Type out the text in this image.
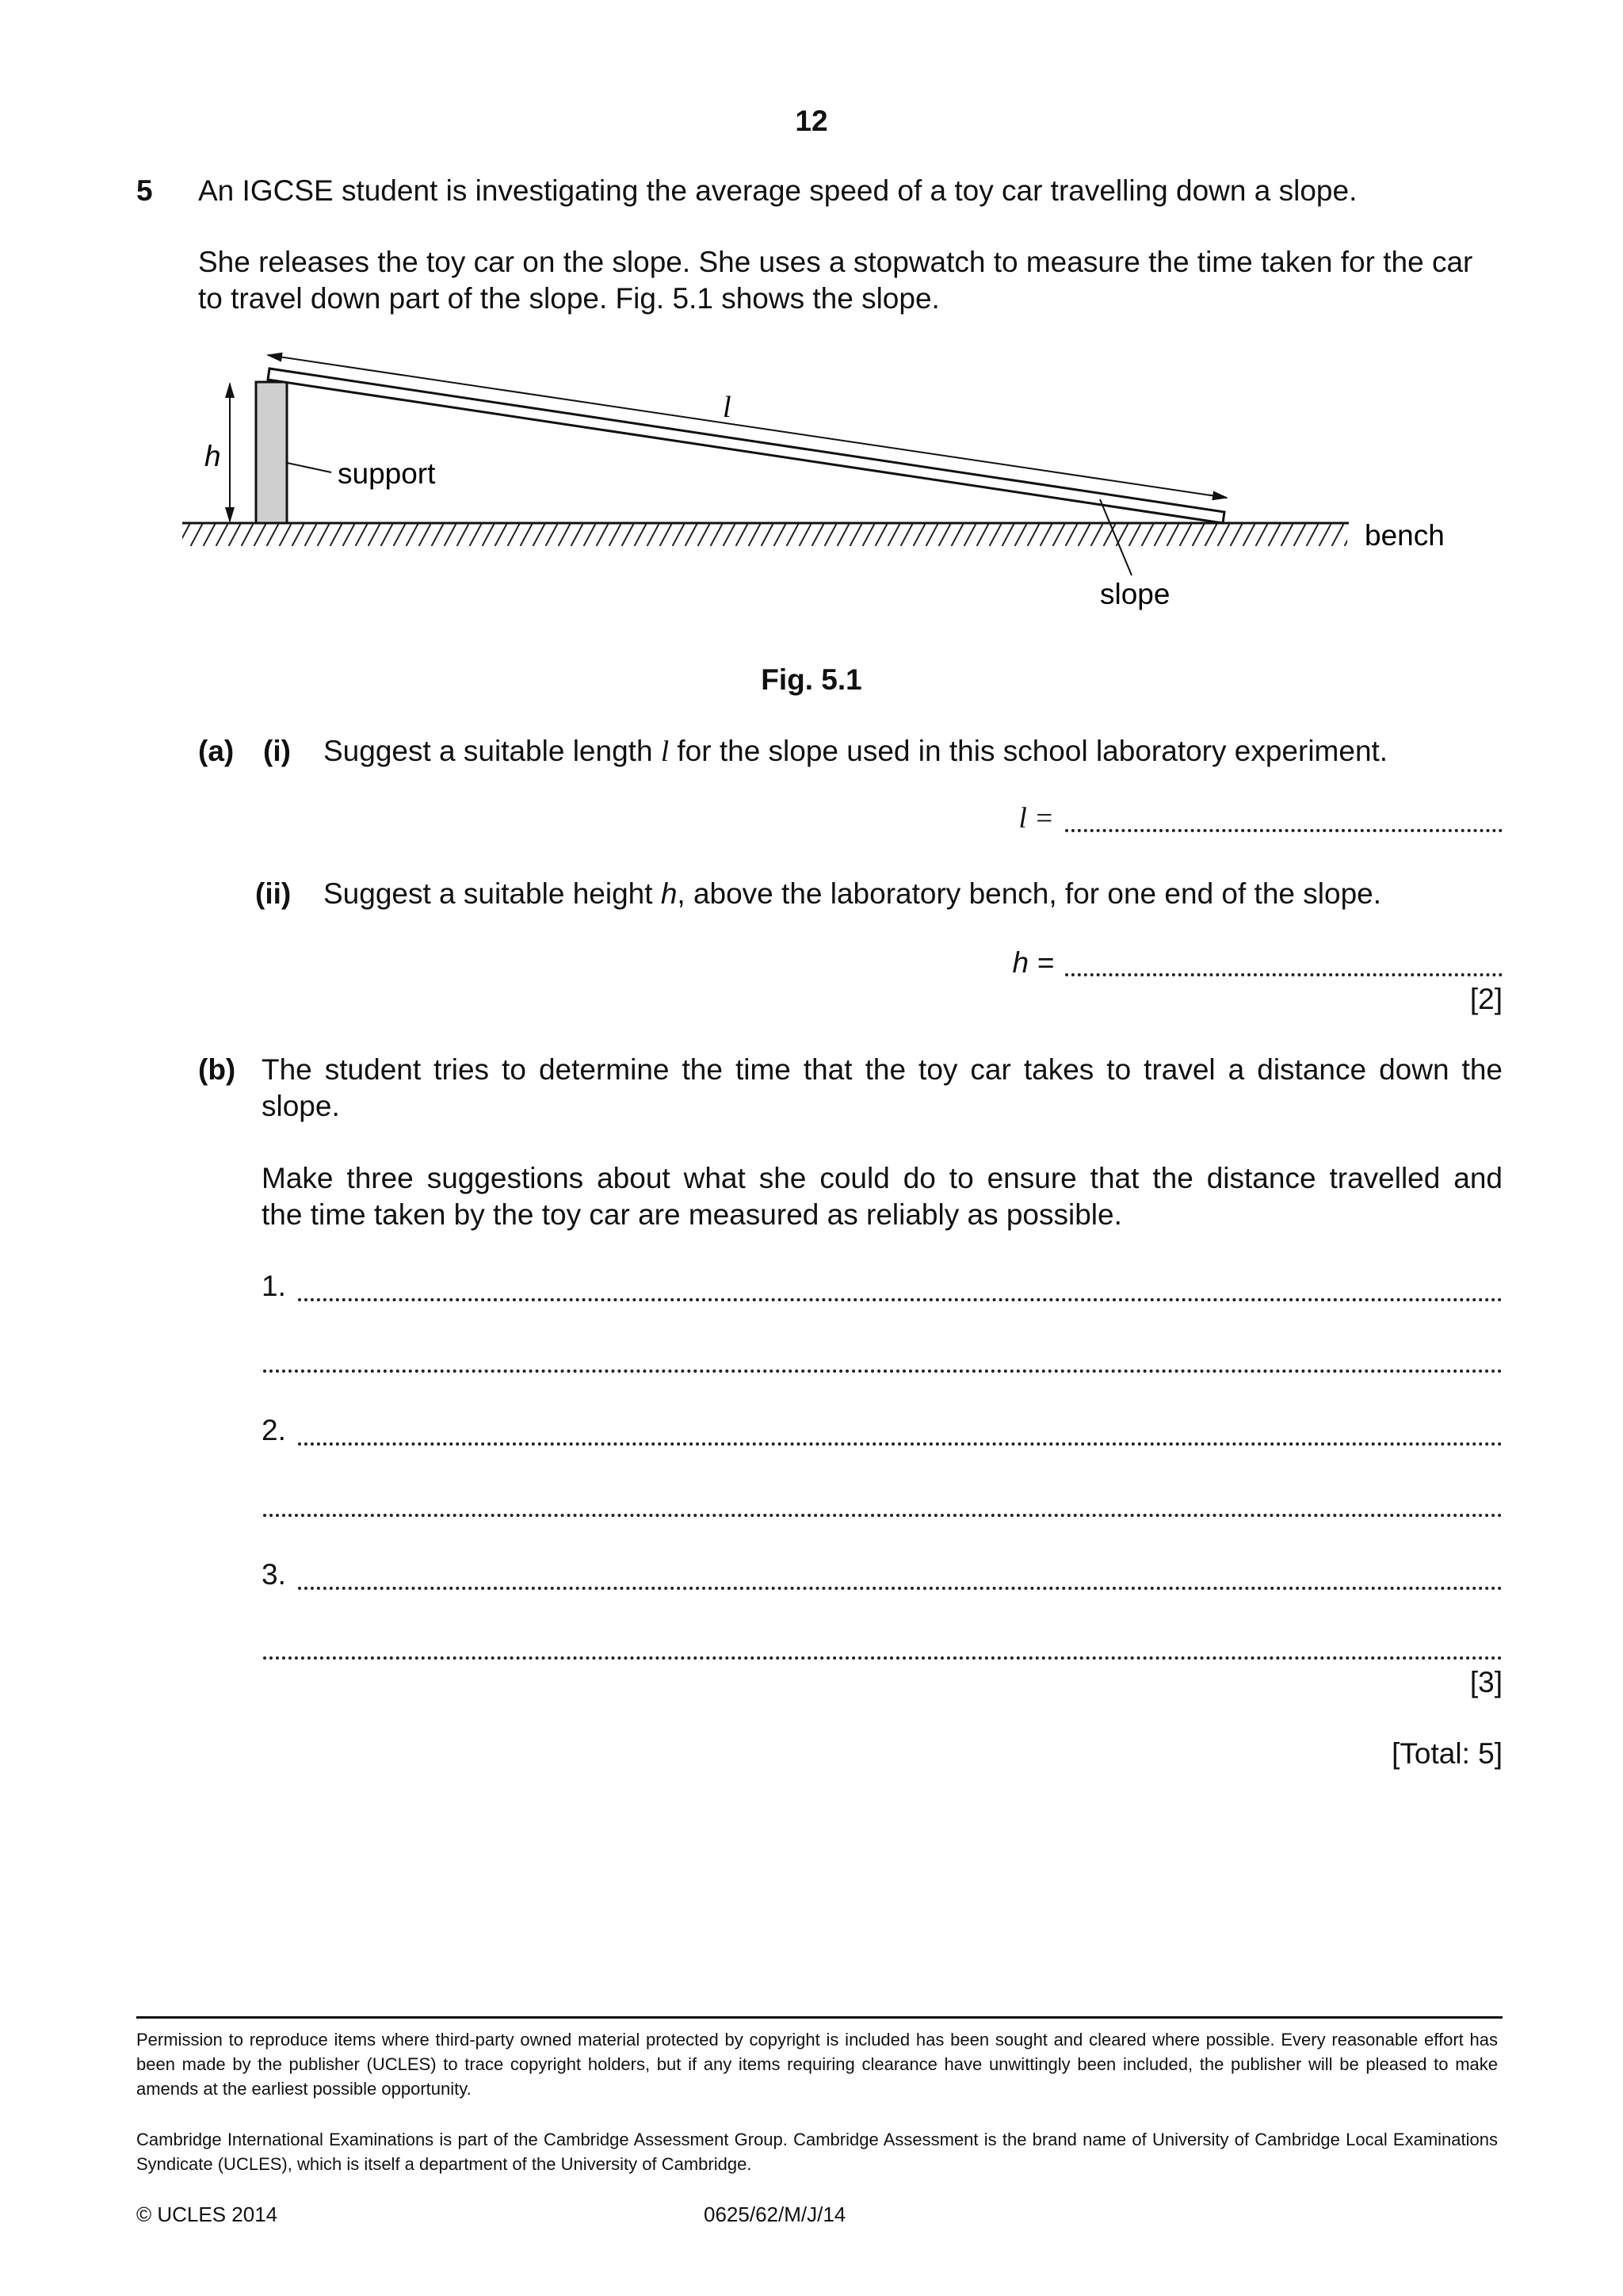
12
5 An IGCSE student is investigating the average speed of a toy car travelling down a slope.
She releases the toy car on the slope. She uses a stopwatch to measure the time taken for the car
to travel down part of the slope. Fig. 5.1 shows the slope.
l
h
support
bench
slope
Fig. 5.1
(a) (i) Suggest a suitable length l for the slope used in this school laboratory experiment.
l =
(ii) Suggest a suitable height h, above the laboratory bench, for one end of the slope.
h =
[2]
(b) The student tries to determine the time that the toy car takes to travel a distance down the
slope.
Make three suggestions about what she could do to ensure that the distance travelled and
the time taken by the toy car are measured as reliably as possible.
1.
2.
3.
[3]
[Total: 5]
Permission to reproduce items where third-party owned material protected by copyright is included has been sought and cleared where possible. Every reasonable effort has been made by the publisher (UCLES) to trace copyright holders, but if any items requiring clearance have unwittingly been included, the publisher will be pleased to make amends at the earliest possible opportunity.
Cambridge International Examinations is part of the Cambridge Assessment Group. Cambridge Assessment is the brand name of University of Cambridge Local Examinations Syndicate (UCLES), which is itself a department of the University of Cambridge.
© UCLES 2014	0625/62/M/J/14
